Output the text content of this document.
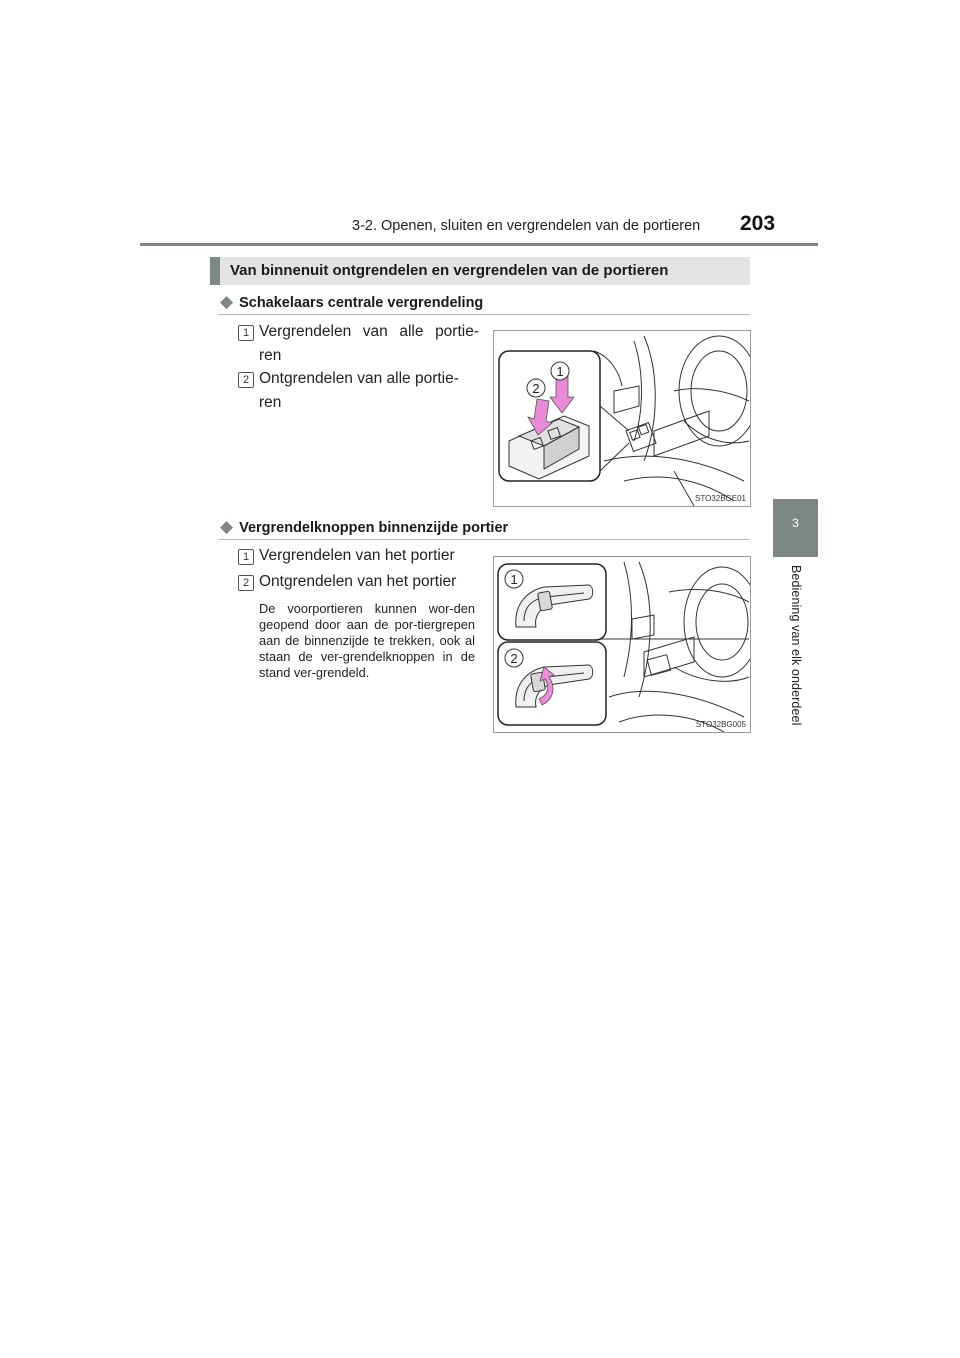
3-2. Openen, sluiten en vergrendelen van de portieren 203
3
Bediening van elk onderdeel
Van binnenuit ontgrendelen en vergrendelen van de portieren
◆ Schakelaars centrale vergrendeling
1 Vergrendelen van alle portie-ren
2 Ontgrendelen van alle portie-ren
1
2
STO32BGE01
◆ Vergrendelknoppen binnenzijde portier
1 Vergrendelen van het portier
2 Ontgrendelen van het portier
De voorportieren kunnen wor-den geopend door aan de por-tiergrepen aan de binnenzijde te trekken, ook al staan de ver-grendelknoppen in de stand ver-grendeld.
1
2
STO32BG005
